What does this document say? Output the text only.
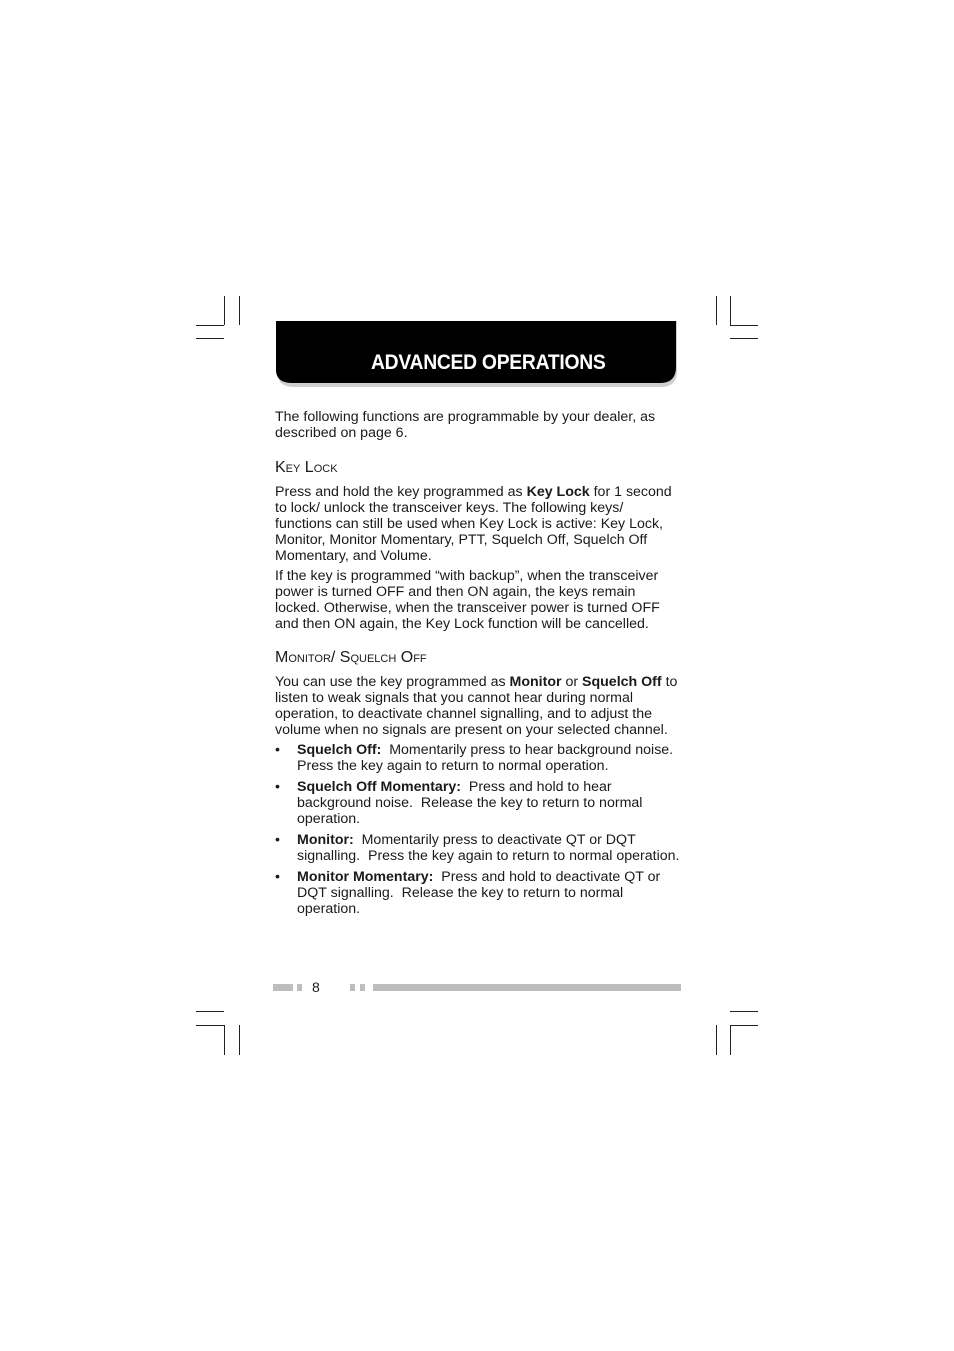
ADVANCED OPERATIONS

The following functions are programmable by your dealer, as described on page 6.

Key Lock

Press and hold the key programmed as Key Lock for 1 second to lock/ unlock the transceiver keys. The following keys/ functions can still be used when Key Lock is active: Key Lock, Monitor, Monitor Momentary, PTT, Squelch Off, Squelch Off Momentary, and Volume.

If the key is programmed “with backup”, when the transceiver power is turned OFF and then ON again, the keys remain locked. Otherwise, when the transceiver power is turned OFF and then ON again, the Key Lock function will be cancelled.

Monitor/ Squelch Off

You can use the key programmed as Monitor or Squelch Off to listen to weak signals that you cannot hear during normal operation, to deactivate channel signalling, and to adjust the volume when no signals are present on your selected channel.

• Squelch Off:  Momentarily press to hear background noise.  Press the key again to return to normal operation.
• Squelch Off Momentary:  Press and hold to hear background noise.  Release the key to return to normal operation.
• Monitor:  Momentarily press to deactivate QT or DQT signalling.  Press the key again to return to normal operation.
• Monitor Momentary:  Press and hold to deactivate QT or DQT signalling.  Release the key to return to normal operation.
8
